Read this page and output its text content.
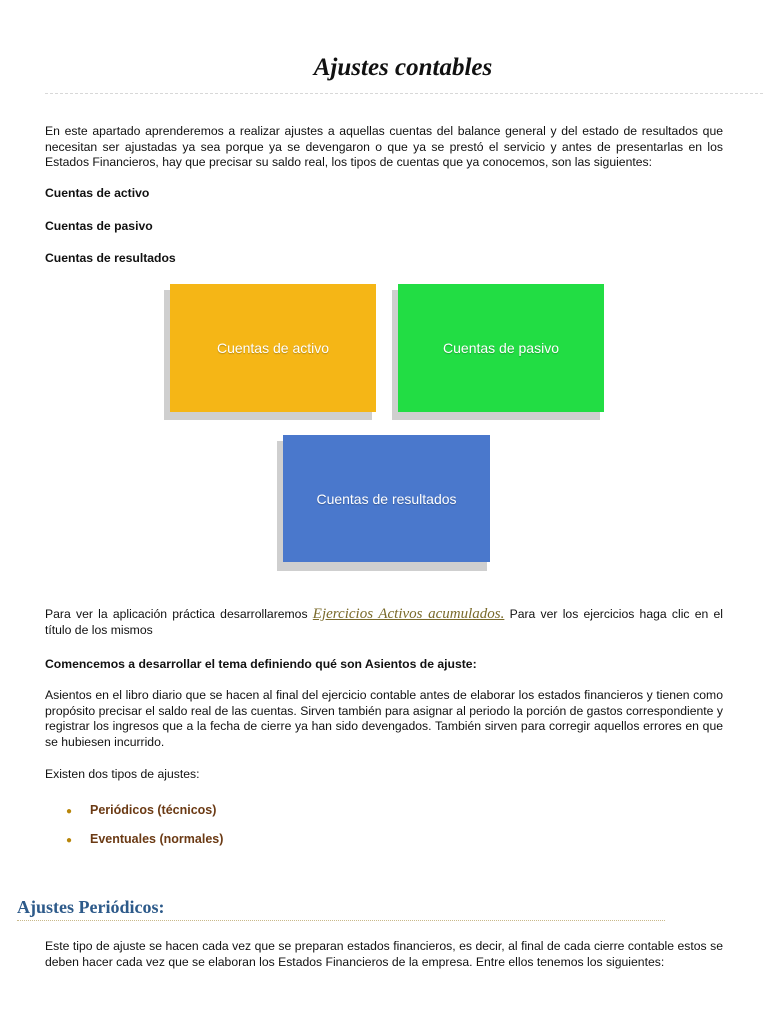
Ajustes contables
En este apartado aprenderemos a realizar ajustes a aquellas cuentas del balance general y del estado de resultados que necesitan ser ajustadas ya sea porque ya se devengaron o que ya se prestó el servicio y antes de presentarlas en los Estados Financieros, hay que precisar su saldo real, los tipos de cuentas que ya conocemos, son las siguientes:
Cuentas de activo
Cuentas de pasivo
Cuentas de resultados
Cuentas de activo	Cuentas de pasivo
Cuentas de resultados
Para ver la aplicación práctica desarrollaremos Ejercicios Activos acumulados. Para ver los ejercicios haga clic en el título de los mismos
Comencemos a desarrollar el tema definiendo qué son Asientos de ajuste:
Asientos en el libro diario que se hacen al final del ejercicio contable antes de elaborar los estados financieros y tienen como propósito precisar el saldo real de las cuentas. Sirven también para asignar al periodo la porción de gastos correspondiente y registrar los ingresos que a la fecha de cierre ya han sido devengados. También sirven para corregir aquellos errores en que se hubiesen incurrido.
Existen dos tipos de ajustes:
● Periódicos (técnicos)
● Eventuales (normales)
Ajustes Periódicos:
Este tipo de ajuste se hacen cada vez que se preparan estados financieros, es decir, al final de cada cierre contable estos se deben hacer cada vez que se elaboran los Estados Financieros de la empresa. Entre ellos tenemos los siguientes:
